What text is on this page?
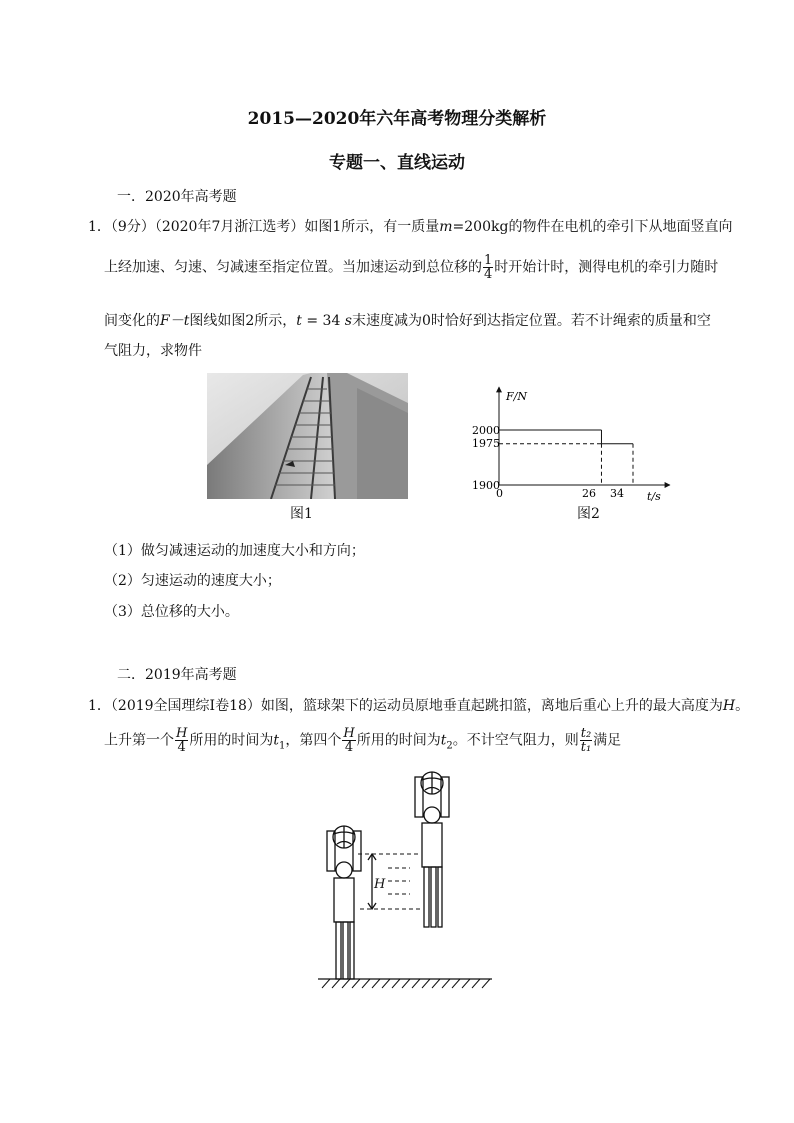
2015—2020年六年高考物理分类解析
专题一、直线运动
一．2020年高考题
1．（9分）（2020年7月浙江选考）如图1所示，有一质量m=200kg的物件在电机的牵引下从地面竖直向
上经加速、匀速、匀减速至指定位置。当加速运动到总位移的 $\frac{1}{4}$ 时开始计时，测得电机的牵引力随时
间变化的F－t图线如图2所示，t = 34 s末速度减为0时恰好到达指定位置。若不计绳索的质量和空
气阻力，求物件
图1
F/N
t/s
2000
1975
1900
0	26 34
图2
（1）做匀减速运动的加速度大小和方向；
（2）匀速运动的速度大小；
（3）总位移的大小。
二．2019年高考题
1．（2019全国理综Ⅰ卷18）如图，篮球架下的运动员原地垂直起跳扣篮，离地后重心上升的最大高度为H。
上升第一个 $\frac{H}{4}$ 所用的时间为$t_1$，第四个 $\frac{H}{4}$ 所用的时间为$t_2$。不计空气阻力，则 $\frac{\text{t₂}}{\text{t₁}}$ 满足
H
